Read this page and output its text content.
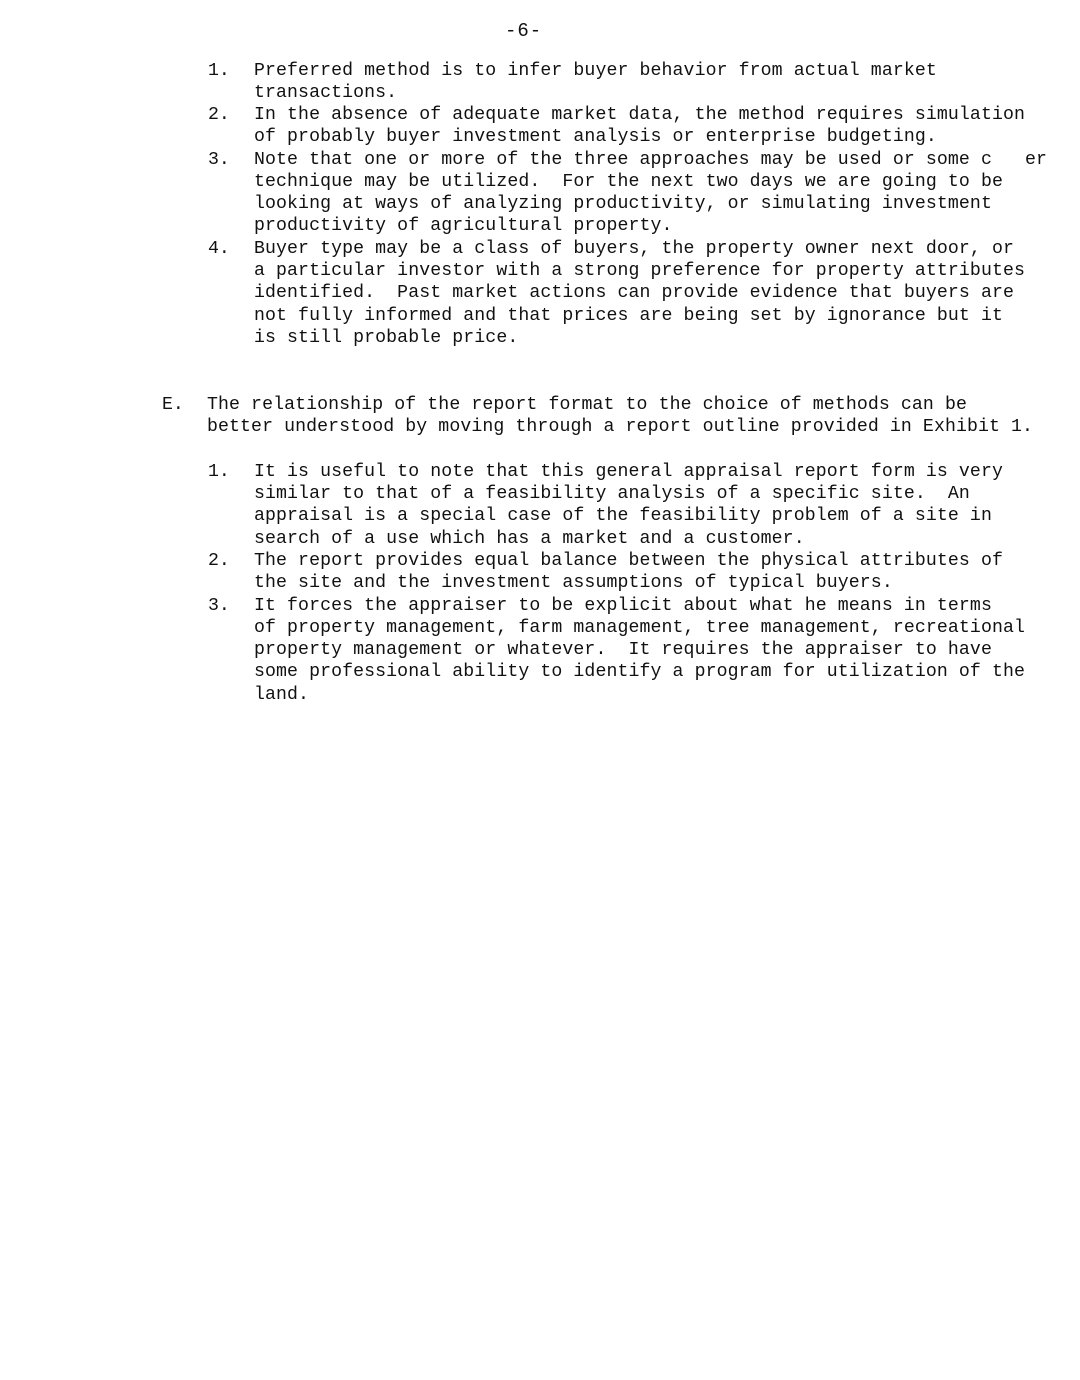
-6-
1. Preferred method is to infer buyer behavior from actual market
transactions.
2. In the absence of adequate market data, the method requires simulation
of probably buyer investment analysis or enterprise budgeting.
3. Note that one or more of the three approaches may be used or some c   er
technique may be utilized.  For the next two days we are going to be
looking at ways of analyzing productivity, or simulating investment
productivity of agricultural property.
4. Buyer type may be a class of buyers, the property owner next door, or
a particular investor with a strong preference for property attributes
identified.  Past market actions can provide evidence that buyers are
not fully informed and that prices are being set by ignorance but it
is still probable price.
E. The relationship of the report format to the choice of methods can be
better understood by moving through a report outline provided in Exhibit 1.
1. It is useful to note that this general appraisal report form is very
similar to that of a feasibility analysis of a specific site.  An
appraisal is a special case of the feasibility problem of a site in
search of a use which has a market and a customer.
2. The report provides equal balance between the physical attributes of
the site and the investment assumptions of typical buyers.
3. It forces the appraiser to be explicit about what he means in terms
of property management, farm management, tree management, recreational
property management or whatever.  It requires the appraiser to have
some professional ability to identify a program for utilization of the
land.
